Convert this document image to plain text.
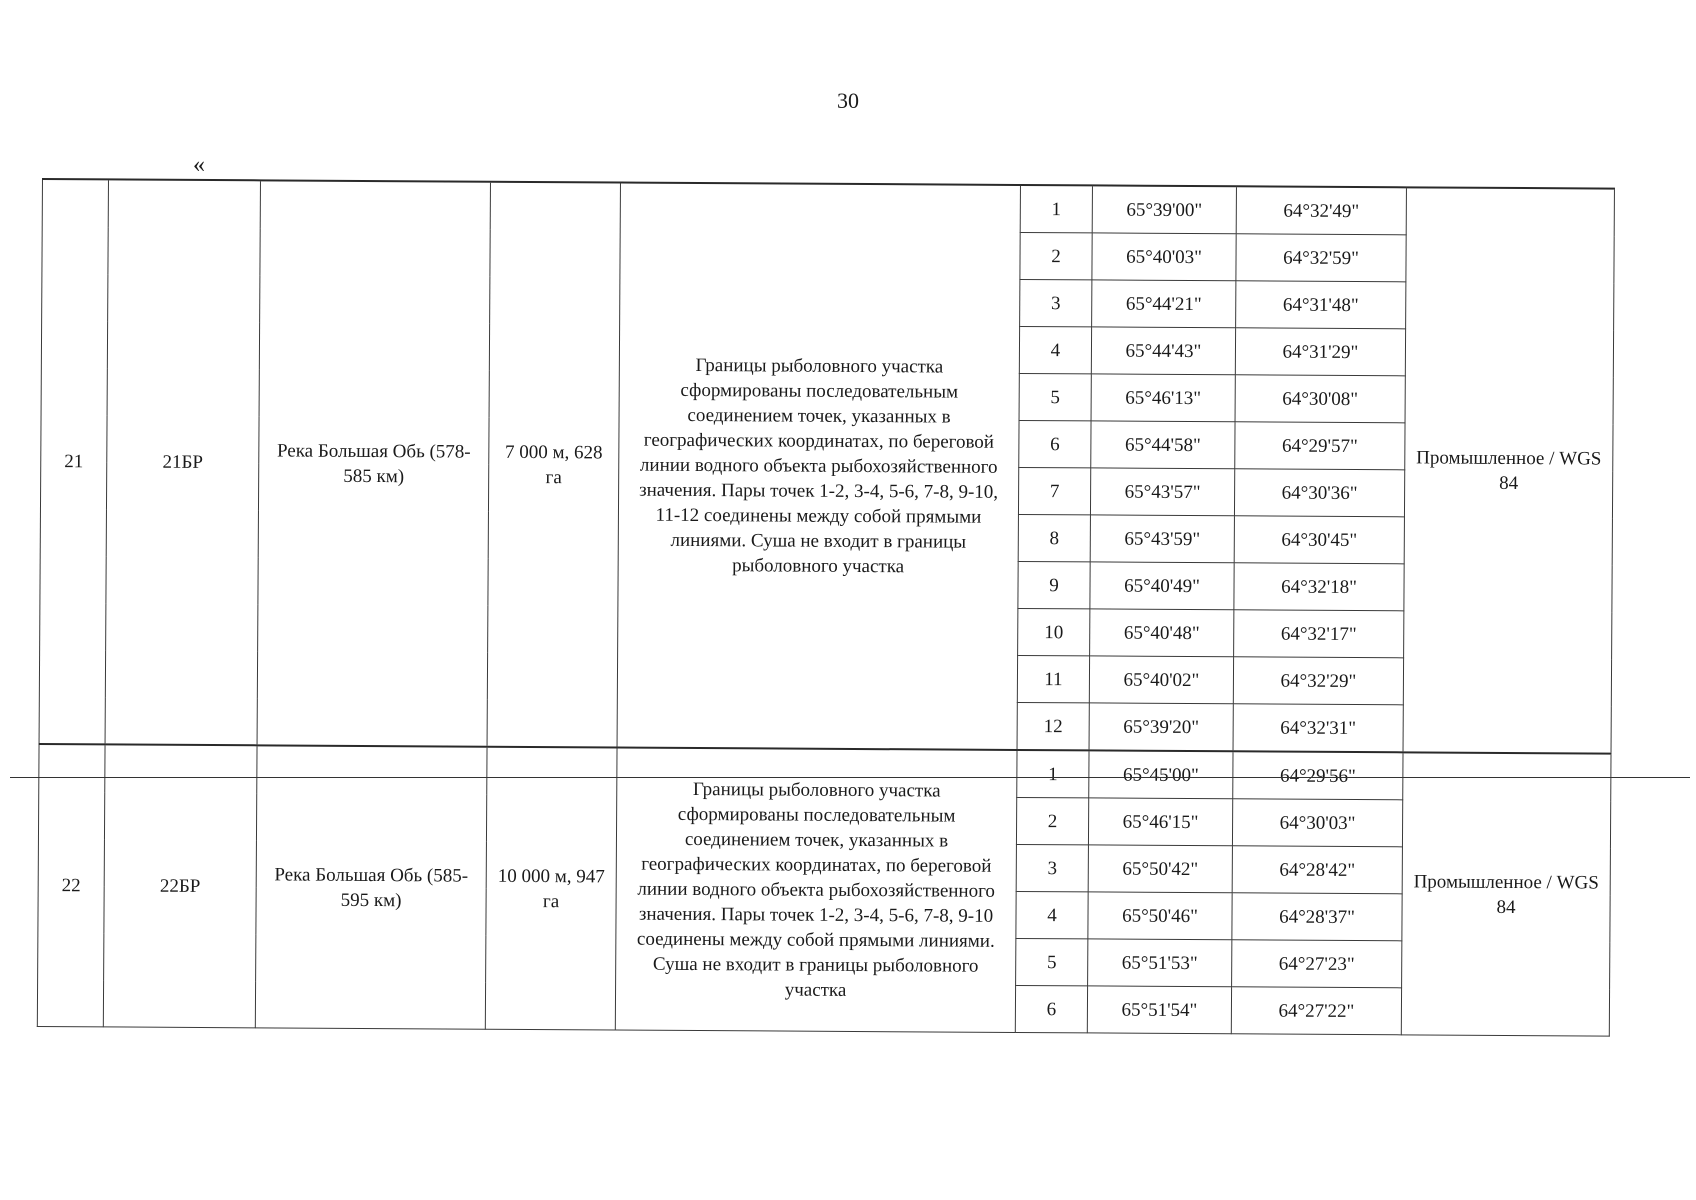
30
«
21	21БР	Река Большая Обь (578-585 км)	7 000 м, 628 га	Границы рыболовного участка сформированы последовательным соединением точек, указанных в географических координатах, по береговой линии водного объекта рыбохозяйственного значения. Пары точек 1-2, 3-4, 5-6, 7-8, 9-10, 11-12 соединены между собой прямыми линиями. Суша не входит в границы рыболовного участка	1	65°39'00"	64°32'49"	Промышленное / WGS 84
					2	65°40'03"	64°32'59"	
					3	65°44'21"	64°31'48"	
					4	65°44'43"	64°31'29"	
					5	65°46'13"	64°30'08"	
					6	65°44'58"	64°29'57"	
					7	65°43'57"	64°30'36"	
					8	65°43'59"	64°30'45"	
					9	65°40'49"	64°32'18"	
					10	65°40'48"	64°32'17"	
					11	65°40'02"	64°32'29"	
					12	65°39'20"	64°32'31"	
22	22БР	Река Большая Обь (585-595 км)	10 000 м, 947 га	Границы рыболовного участка сформированы последовательным соединением точек, указанных в географических координатах, по береговой линии водного объекта рыбохозяйственного значения. Пары точек 1-2, 3-4, 5-6, 7-8, 9-10 соединены между собой прямыми линиями. Суша не входит в границы рыболовного участка	1	65°45'00"	64°29'56"	Промышленное / WGS 84
					2	65°46'15"	64°30'03"	
					3	65°50'42"	64°28'42"	
					4	65°50'46"	64°28'37"	
					5	65°51'53"	64°27'23"	
					6	65°51'54"	64°27'22"	
